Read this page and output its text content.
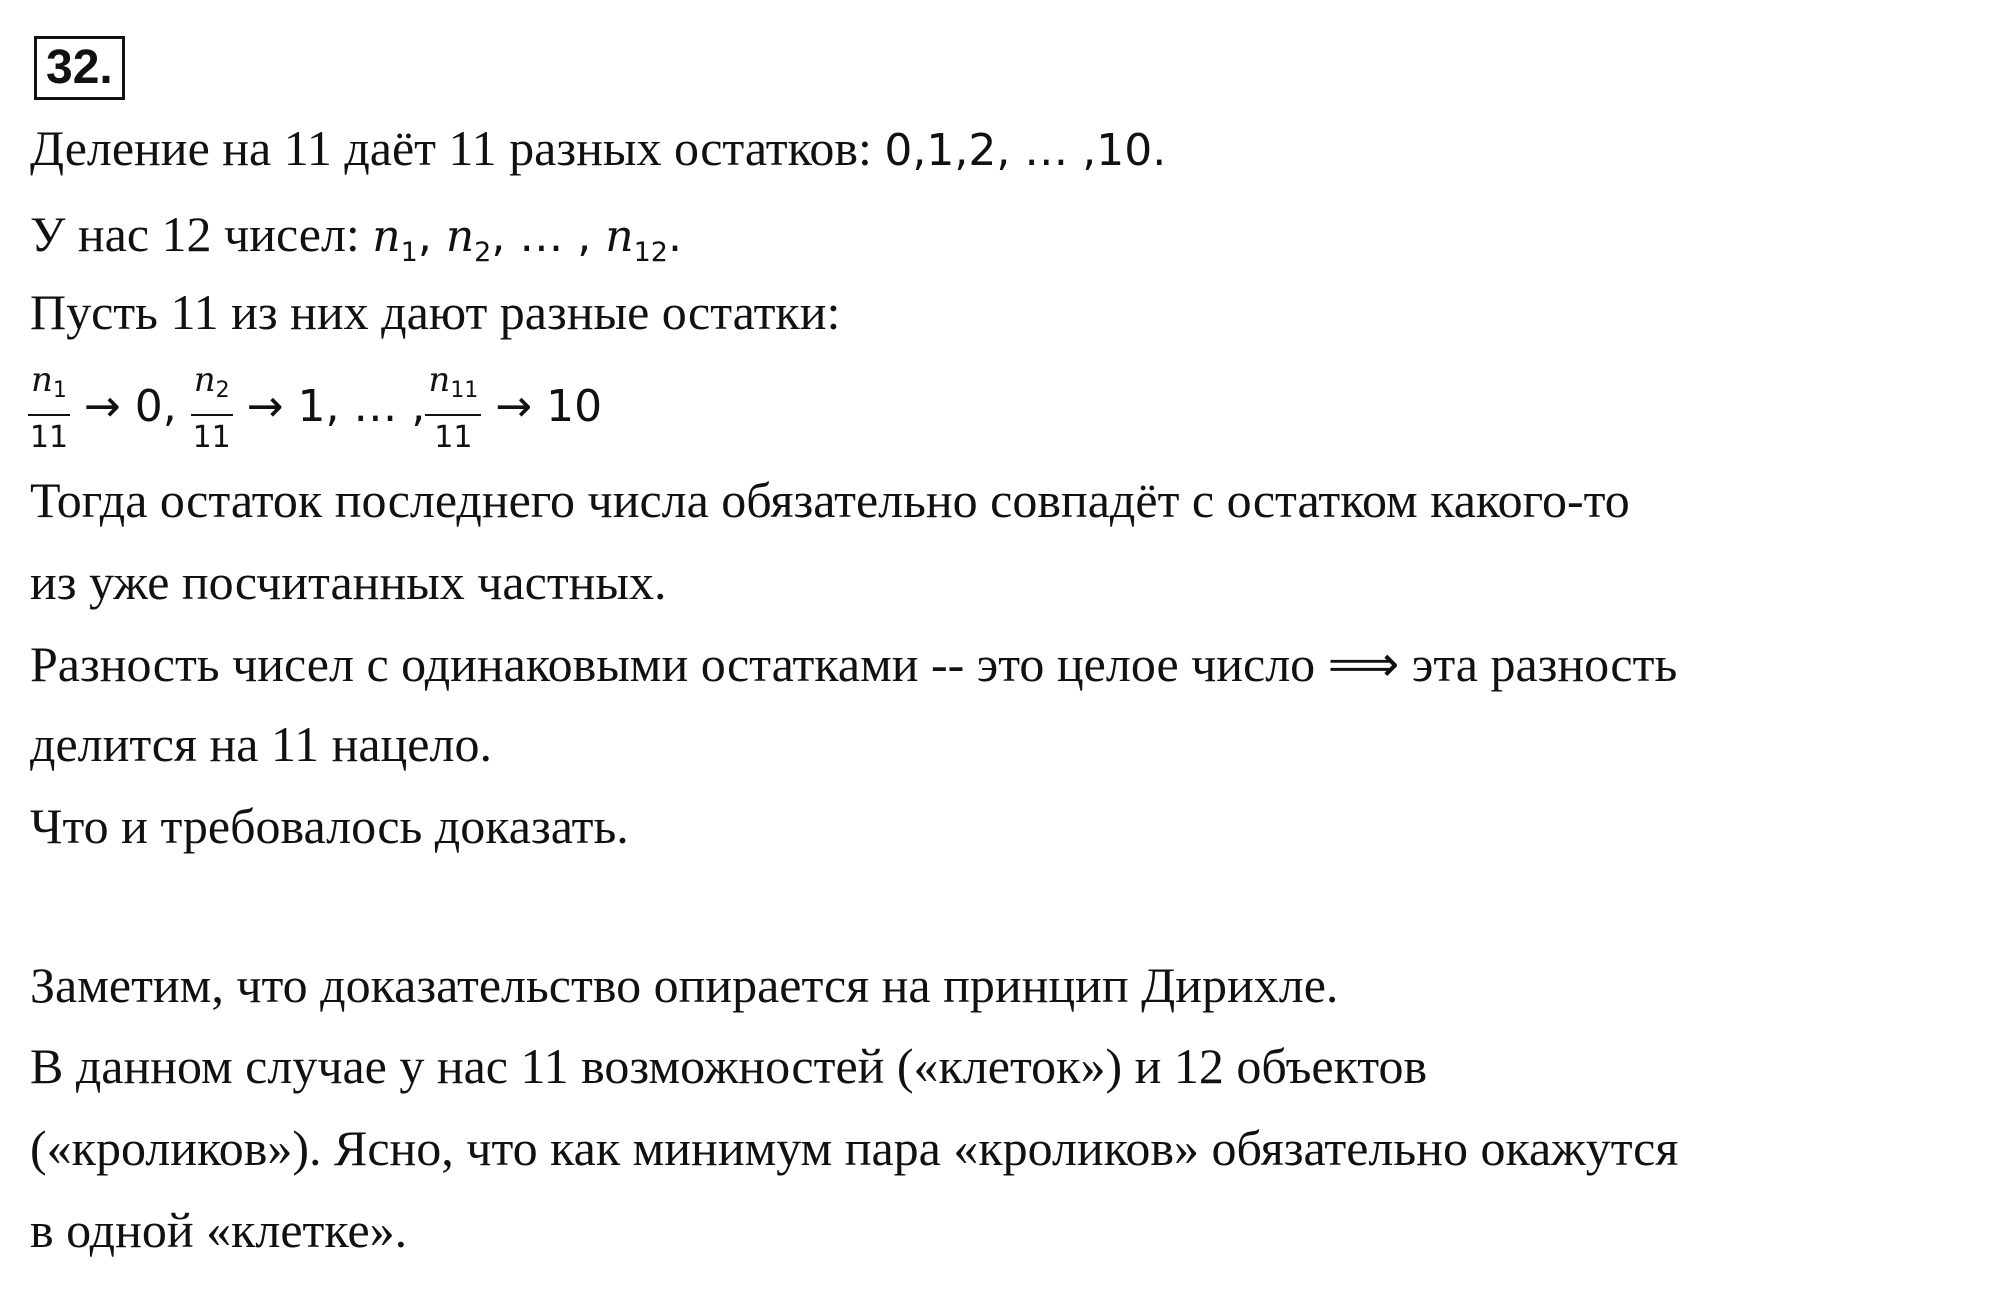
32.
Деление на 11 даёт 11 разных остатков: 0,1,2, … ,10.
У нас 12 чисел: $n_1$, $n_2$, … , $n_{12}$.
Пусть 11 из них дают разные остатки:
$\frac{n_1}{11} \to 0$, $\frac{n_2}{11} \to 1$, … , $\frac{n_{11}}{11} \to 10$
Тогда остаток последнего числа обязательно совпадёт с остатком какого-то
из уже посчитанных частных.
Разность чисел с одинаковыми остатками -- это целое число ⟹ эта разность
делится на 11 нацело.
Что и требовалось доказать.
Заметим, что доказательство опирается на принцип Дирихле.
В данном случае у нас 11 возможностей («клеток») и 12 объектов
(«кроликов»). Ясно, что как минимум пара «кроликов» обязательно окажутся
в одной «клетке».
